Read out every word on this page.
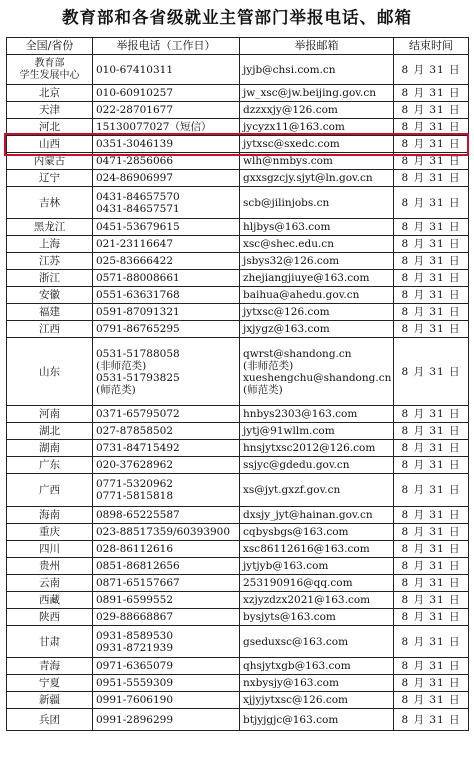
教育部和各省级就业主管部门举报电话、邮箱
全国/省份	举报电话（工作日）	举报邮箱	结束时间

教育部
学生发展中心	010-67410311	jyjb@chsi.com.cn	8 月 31 日

北京	010-60910257	jw_xsc@jw.beijing.gov.cn	8 月 31 日

天津	022-28701677	dzzxxjy@126.com	8 月 31 日

河北	15130077027（短信）	jycyzx11@163.com	8 月 31 日

山西	0351-3046139	jytxsc@sxedc.com	8 月 31 日

内蒙古	0471-2856066	wlh@nmbys.com	8 月 31 日

辽宁	024-86906997	gxxsgzcjy.sjyt@ln.gov.cn	8 月 31 日

吉林	0431-84657570
0431-84657571	scb@jilinjobs.cn	8 月 31 日

黑龙江	0451-53679615	hljbys@163.com	8 月 31 日

上海	021-23116647	xsc@shec.edu.cn	8 月 31 日

江苏	025-83666422	jsbys32@126.com	8 月 31 日

浙江	0571-88008661	zhejiangjiuye@163.com	8 月 31 日

安徽	0551-63631768	baihua@ahedu.gov.cn	8 月 31 日

福建	0591-87091321	jytxsc@126.com	8 月 31 日

江西	0791-86765295	jxjygz@163.com	8 月 31 日

山东	0531-51788058
(非师范类)
0531-51793825
(师范类)	qwrst@shandong.cn
(非师范类)
xueshengchu@shandong.cn
(师范类)	8 月 31 日

河南	0371-65795072	hnbys2303@163.com	8 月 31 日

湖北	027-87858502	jytj@91wllm.com	8 月 31 日

湖南	0731-84715492	hnsjytxsc2012@126.com	8 月 31 日

广东	020-37628962	ssjyc@gdedu.gov.cn	8 月 31 日

广西	0771-5320962
0771-5815818	xs@jyt.gxzf.gov.cn	8 月 31 日

海南	0898-65225587	dxsjy_jyt@hainan.gov.cn	8 月 31 日

重庆	023-88517359/60393900	cqbysbgs@163.com	8 月 31 日

四川	028-86112616	xsc86112616@163.com	8 月 31 日

贵州	0851-86812656	jytjyb@163.com	8 月 31 日

云南	0871-65157667	253190916@qq.com	8 月 31 日

西藏	0891-6599552	xzjyzdzx2021@163.com	8 月 31 日

陕西	029-88668867	bysjyts@163.com	8 月 31 日

甘肃	0931-8589530
0931-8721939	gseduxsc@163.com	8 月 31 日

青海	0971-6365079	qhsjytxgb@163.com	8 月 31 日

宁夏	0951-5559309	nxbysjy@163.com	8 月 31 日

新疆	0991-7606190	xjjyjytxsc@126.com	8 月 31 日

兵团	0991-2896299	btjyjgjc@163.com	8 月 31 日
